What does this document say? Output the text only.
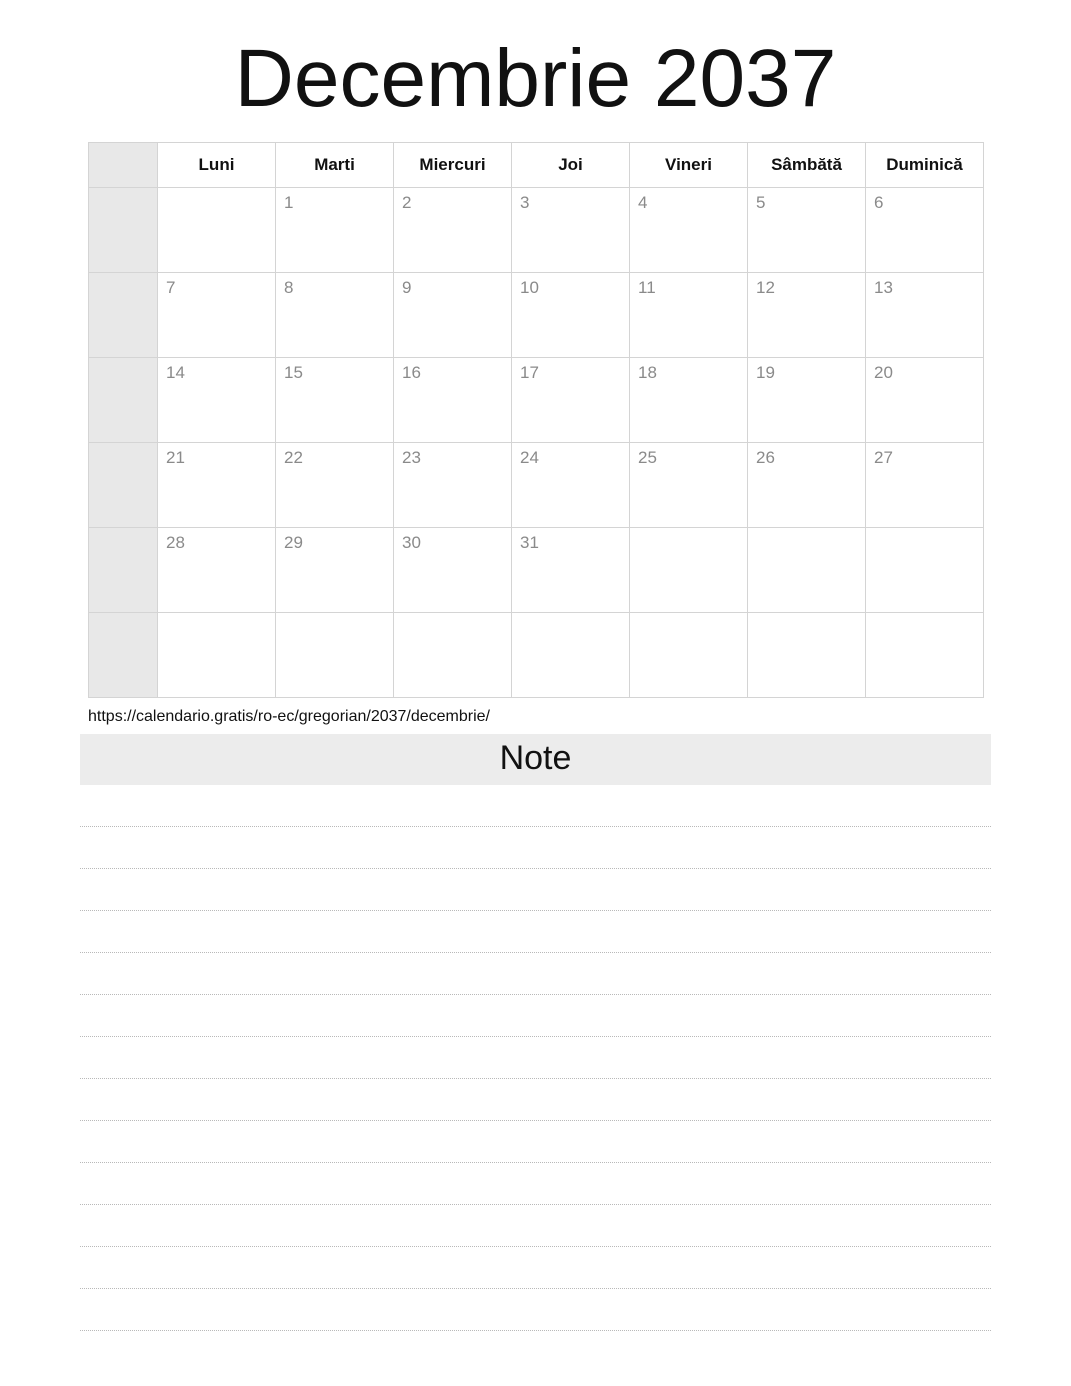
Decembrie 2037
	Luni	Marti	Miercuri	Joi	Vineri	Sâmbătă	Duminică

		1	2	3	4	5	6

	7	8	9	10	11	12	13

	14	15	16	17	18	19	20

	21	22	23	24	25	26	27

	28	29	30	31			

https://calendario.gratis/ro-ec/gregorian/2037/decembrie/
Note
